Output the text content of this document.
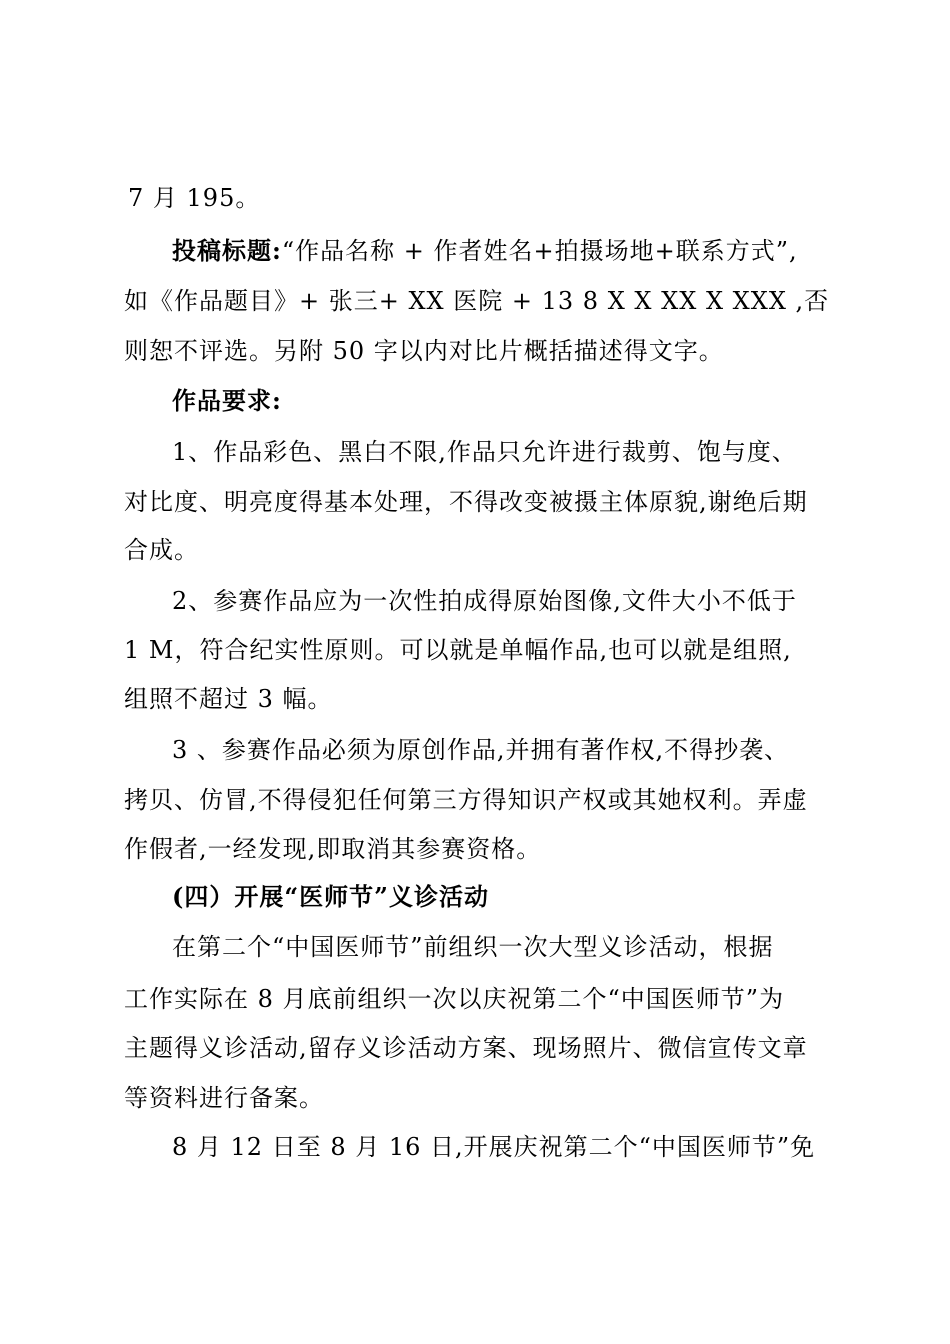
7 月 195。
投稿标题:“作品名称 + 作者姓名+拍摄场地+联系方式”,
如《作品题目》+ 张三+ XX 医院 + 13 8 X X XX X XXX ,否
则恕不评选。另附 50 字以内对比片概括描述得文字。
作品要求:
1、作品彩色、黑白不限,作品只允许进行裁剪、饱与度、
对比度、明亮度得基本处理，不得改变被摄主体原貌,谢绝后期
合成。
2、参赛作品应为一次性拍成得原始图像,文件大小不低于
1 M，符合纪实性原则。可以就是单幅作品,也可以就是组照,
组照不超过 3 幅。
3 、参赛作品必须为原创作品,并拥有著作权,不得抄袭、
拷贝、仿冒,不得侵犯任何第三方得知识产权或其她权利。弄虚
作假者,一经发现,即取消其参赛资格。
(四）开展“医师节”义诊活动
在第二个“中国医师节”前组织一次大型义诊活动，根据
工作实际在 8 月底前组织一次以庆祝第二个“中国医师节”为
主题得义诊活动,留存义诊活动方案、现场照片、微信宣传文章
等资料进行备案。
8 月 12 日至 8 月 16 日,开展庆祝第二个“中国医师节”免
